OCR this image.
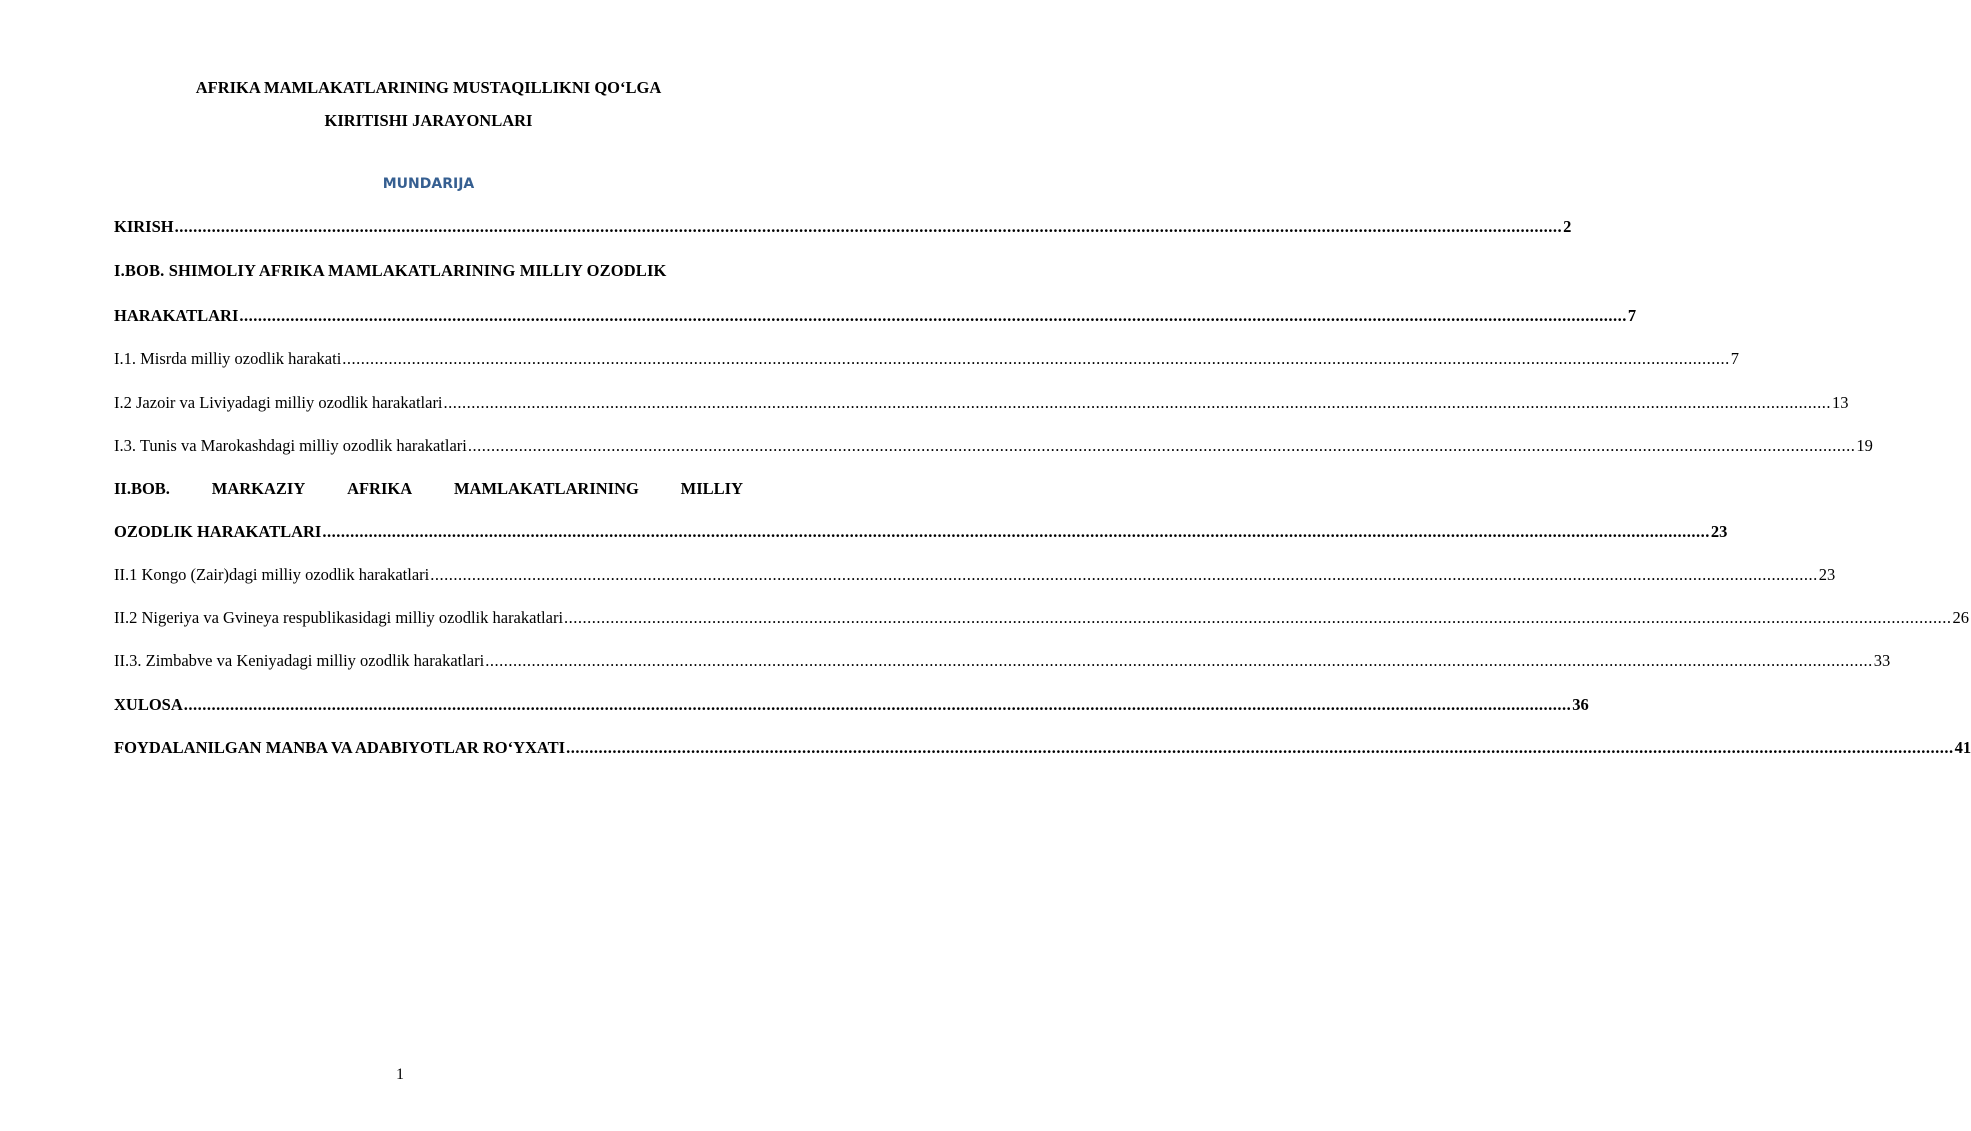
AFRIKA MAMLAKATLARINING MUSTAQILLIKNI QO‘LGA
KIRITISHI JARAYONLARI
MUNDARIJA
KIRISH ............................................................................................................................................................................................................................................................................................................ 2
I.BOB. SHIMOLIY AFRIKA MAMLAKATLARINING MILLIY OZODLIK
HARAKATLARI ............................................................................................................................................................................................................................................................................................................ 7
I.1. Misrda milliy ozodlik harakati ............................................................................................................................................................................................................................................................................................................ 7
I.2 Jazoir va Liviyadagi milliy ozodlik harakatlari ............................................................................................................................................................................................................................................................................................................ 13
I.3. Tunis va Marokashdagi milliy ozodlik harakatlari ............................................................................................................................................................................................................................................................................................................ 19
II.BOB.	MARKAZIY	AFRIKA	MAMLAKATLARINING	MILLIY
OZODLIK HARAKATLARI ............................................................................................................................................................................................................................................................................................................ 23
II.1 Kongo (Zair)dagi milliy ozodlik harakatlari ............................................................................................................................................................................................................................................................................................................ 23
II.2 Nigeriya va Gvineya respublikasidagi milliy ozodlik harakatlari ............................................................................................................................................................................................................................................................................................................ 26
II.3. Zimbabve va Keniyadagi milliy ozodlik harakatlari ............................................................................................................................................................................................................................................................................................................ 33
XULOSA ............................................................................................................................................................................................................................................................................................................ 36
FOYDALANILGAN MANBA VA ADABIYOTLAR RO‘YXATI ............................................................................................................................................................................................................................................................................................................ 41
1
